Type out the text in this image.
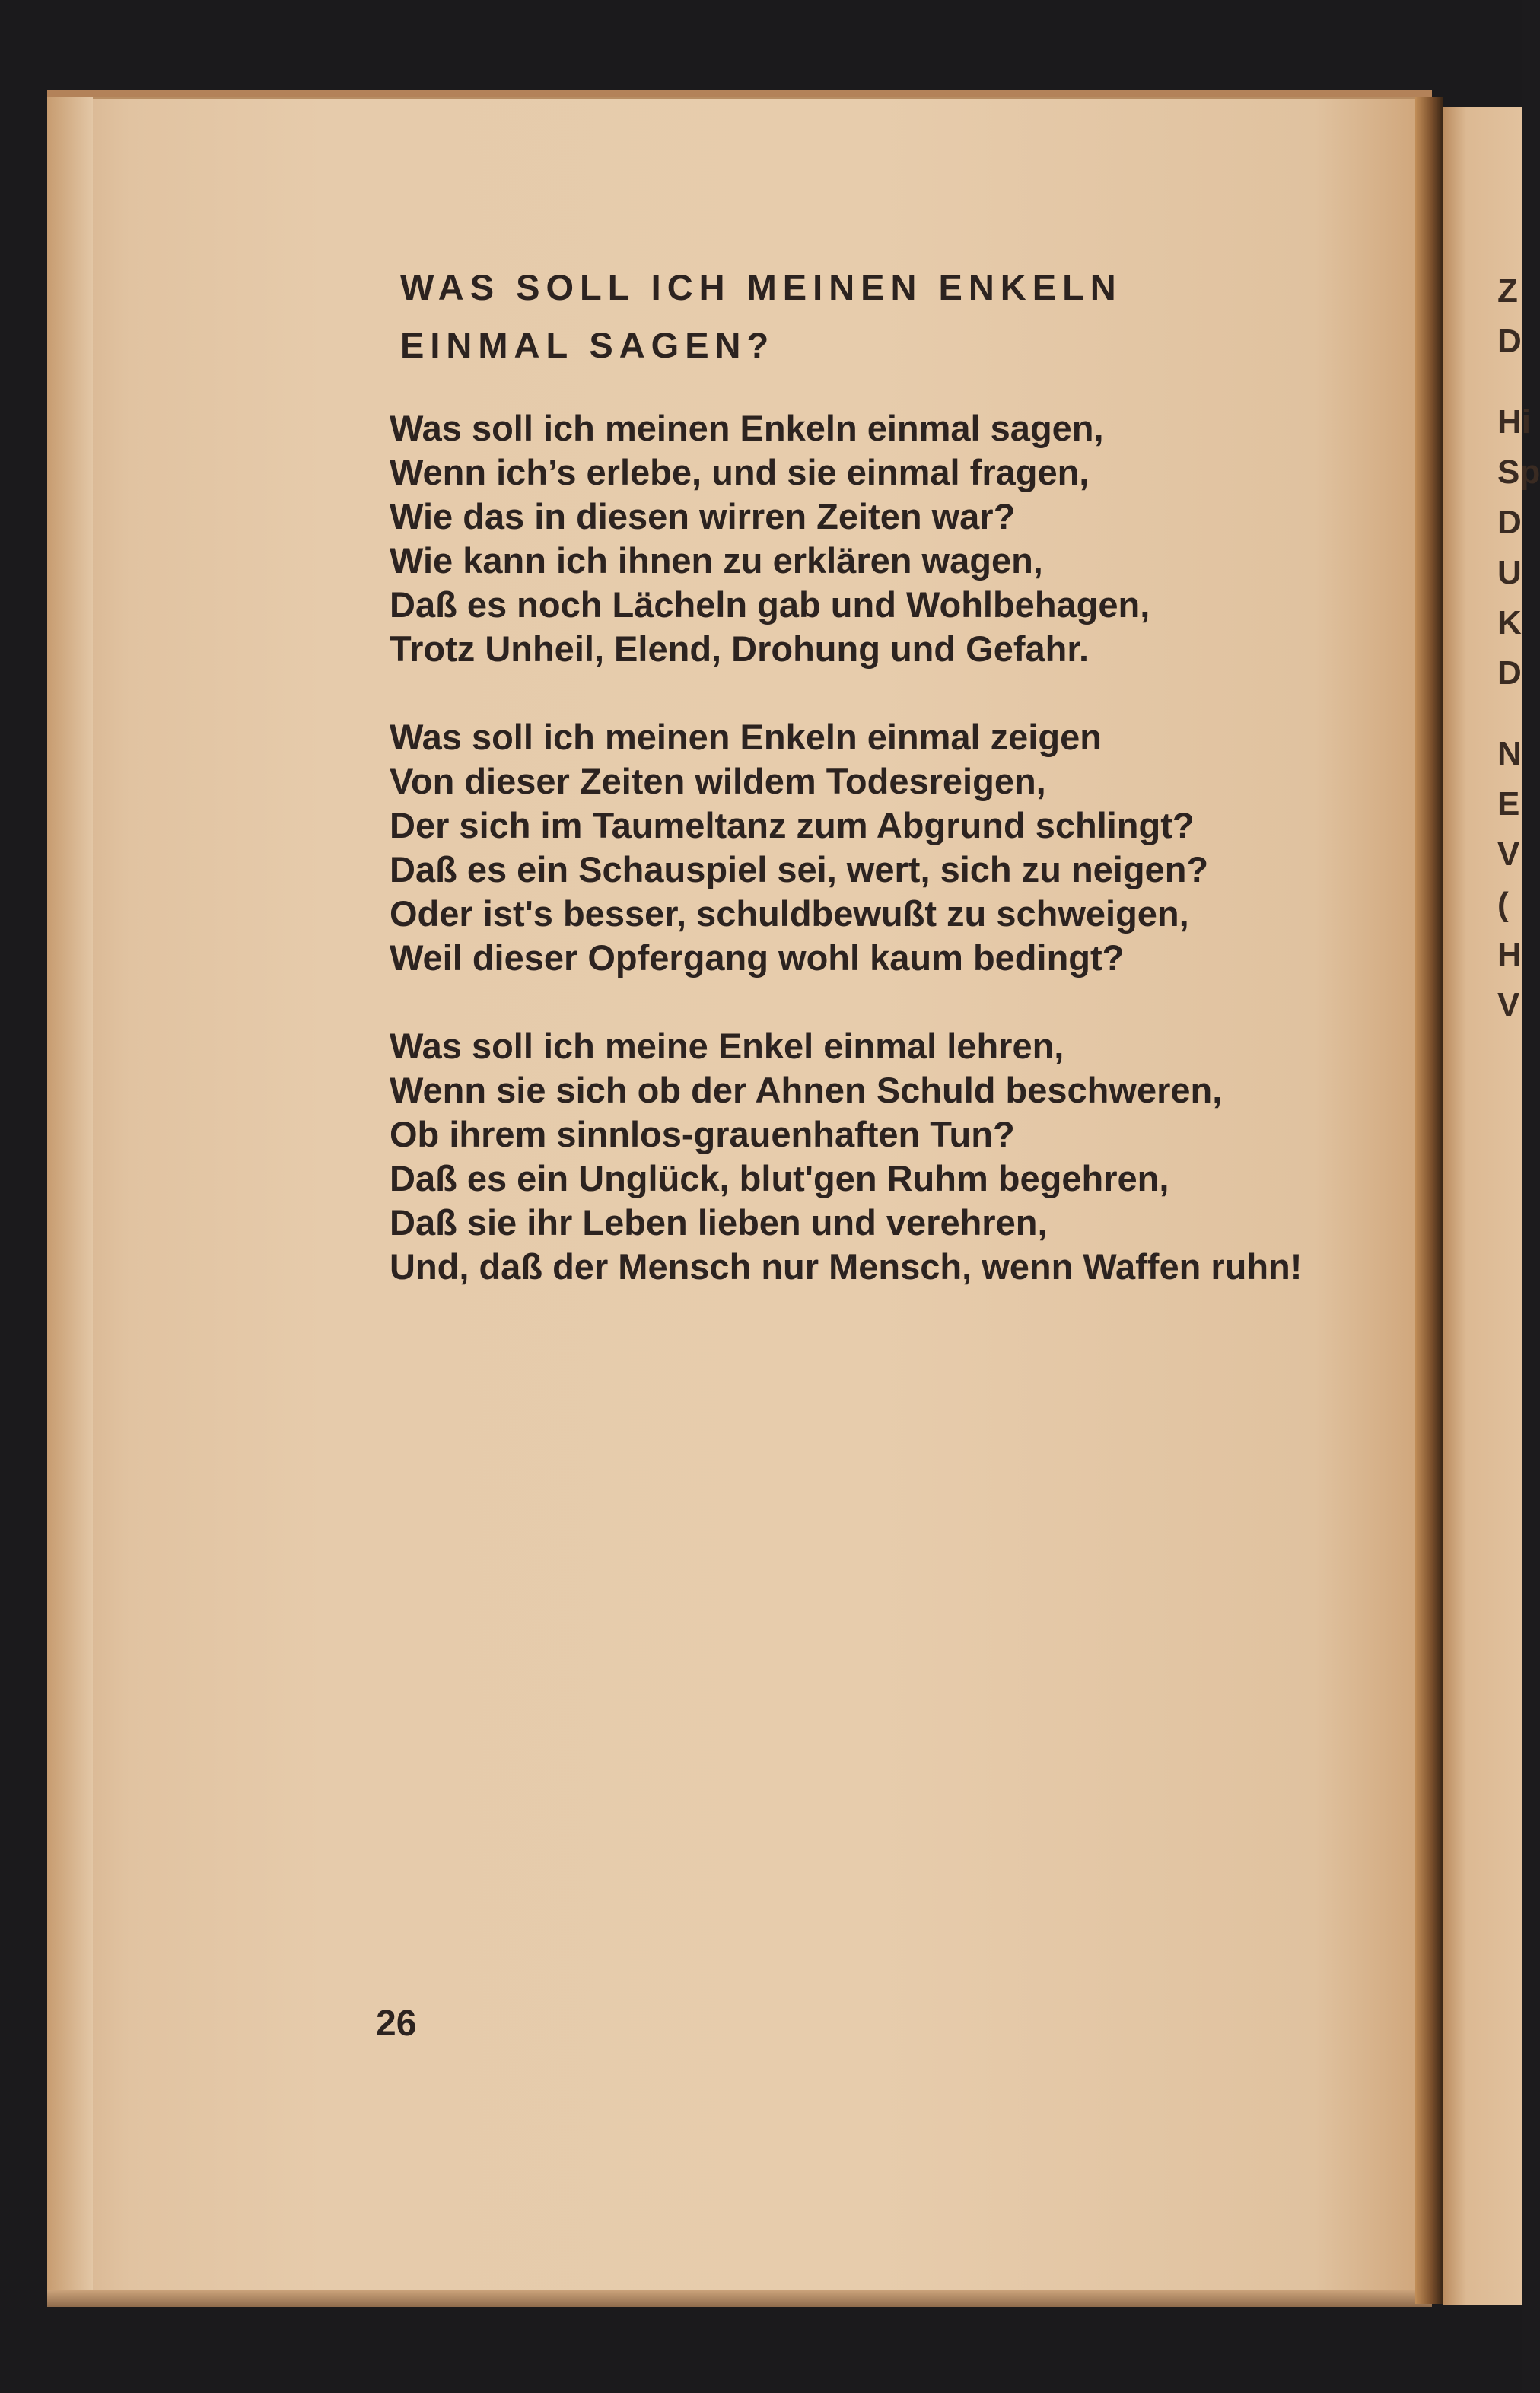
Z
D
Hi
Sp
D
U
K
D
N
E
V
(
H
V
WAS SOLL ICH MEINEN ENKELN
EINMAL SAGEN?
Was soll ich meinen Enkeln einmal sagen,
Wenn ich’s erlebe, und sie einmal fragen,
Wie das in diesen wirren Zeiten war?
Wie kann ich ihnen zu erklären wagen,
Daß es noch Lächeln gab und Wohlbehagen,
Trotz Unheil, Elend, Drohung und Gefahr.
Was soll ich meinen Enkeln einmal zeigen
Von dieser Zeiten wildem Todesreigen,
Der sich im Taumeltanz zum Abgrund schlingt?
Daß es ein Schauspiel sei, wert, sich zu neigen?
Oder ist's besser, schuldbewußt zu schweigen,
Weil dieser Opfergang wohl kaum bedingt?
Was soll ich meine Enkel einmal lehren,
Wenn sie sich ob der Ahnen Schuld beschweren,
Ob ihrem sinnlos-grauenhaften Tun?
Daß es ein Unglück, blut'gen Ruhm begehren,
Daß sie ihr Leben lieben und verehren,
Und, daß der Mensch nur Mensch, wenn Waffen ruhn!
26
